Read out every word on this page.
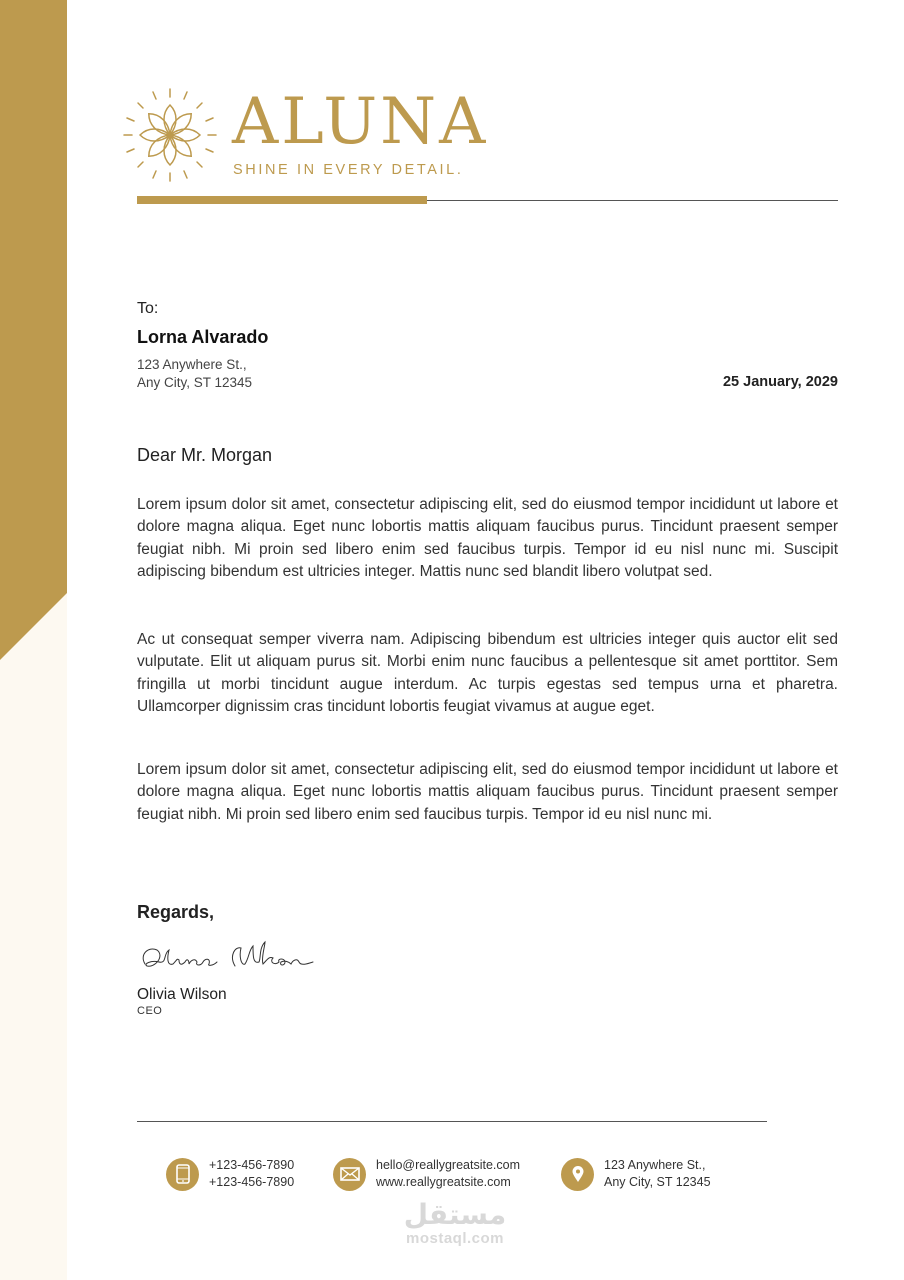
ALUNA
SHINE IN EVERY DETAIL.
To:
Lorna Alvarado
123 Anywhere St.,
Any City, ST 12345	25 January, 2029
Dear Mr. Morgan

Lorem ipsum dolor sit amet, consectetur adipiscing elit, sed do eiusmod tempor incididunt ut labore et dolore magna aliqua. Eget nunc lobortis mattis aliquam faucibus purus. Tincidunt praesent semper feugiat nibh. Mi proin sed libero enim sed faucibus turpis. Tempor id eu nisl nunc mi. Suscipit adipiscing bibendum est ultricies integer. Mattis nunc sed blandit libero volutpat sed.

Ac ut consequat semper viverra nam. Adipiscing bibendum est ultricies integer quis auctor elit sed vulputate. Elit ut aliquam purus sit. Morbi enim nunc faucibus a pellentesque sit amet porttitor. Sem fringilla ut morbi tincidunt augue interdum. Ac turpis egestas sed tempus urna et pharetra. Ullamcorper dignissim cras tincidunt lobortis feugiat vivamus at augue eget.

Lorem ipsum dolor sit amet, consectetur adipiscing elit, sed do eiusmod tempor incididunt ut labore et dolore magna aliqua. Eget nunc lobortis mattis aliquam faucibus purus. Tincidunt praesent semper feugiat nibh. Mi proin sed libero enim sed faucibus turpis. Tempor id eu nisl nunc mi.

Regards,
Olivia Wilson
CEO
+123-456-7890
+123-456-7890
hello@reallygreatsite.com
www.reallygreatsite.com
123 Anywhere St.,
Any City, ST 12345
مستقل
mostaql.com
